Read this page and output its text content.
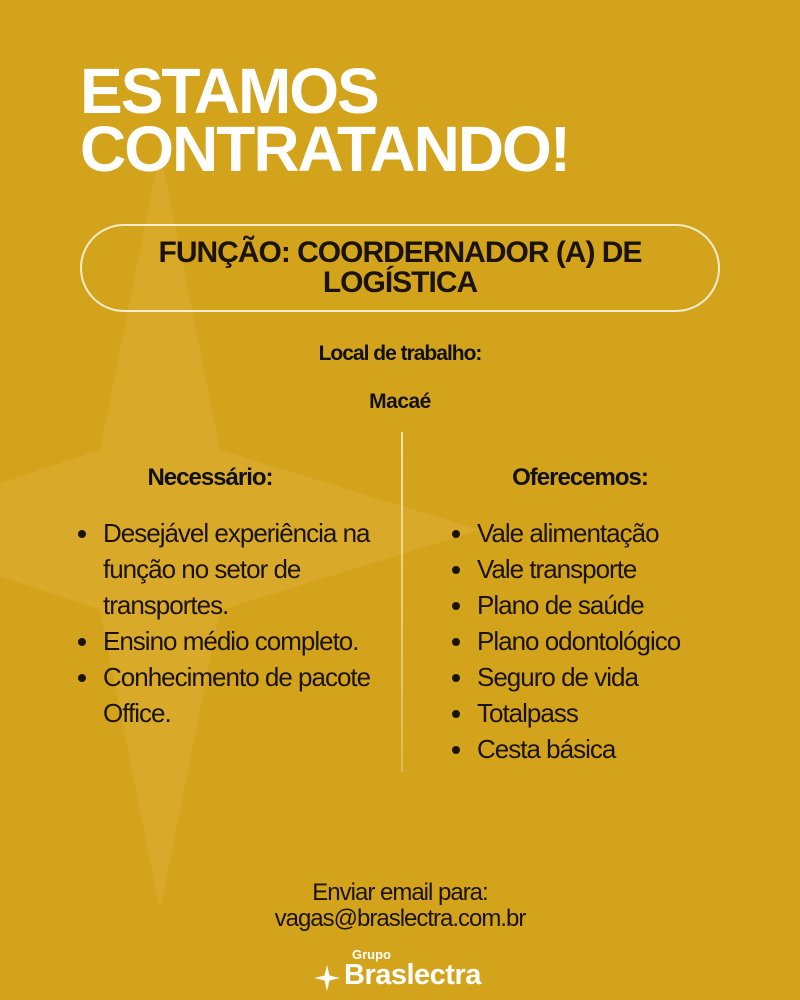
ESTAMOS
CONTRATANDO!
FUNÇÃO: COORDERNADOR (A) DE LOGÍSTICA
Local de trabalho:
Macaé
Necessário:	Oferecemos:
Desejável experiência na função no setor de transportes.
Ensino médio completo.
Conhecimento de pacote Office.
Vale alimentação
Vale transporte
Plano de saúde
Plano odontológico
Seguro de vida
Totalpass
Cesta básica
Enviar email para:
vagas@braslectra.com.br
Grupo
Braslectra
